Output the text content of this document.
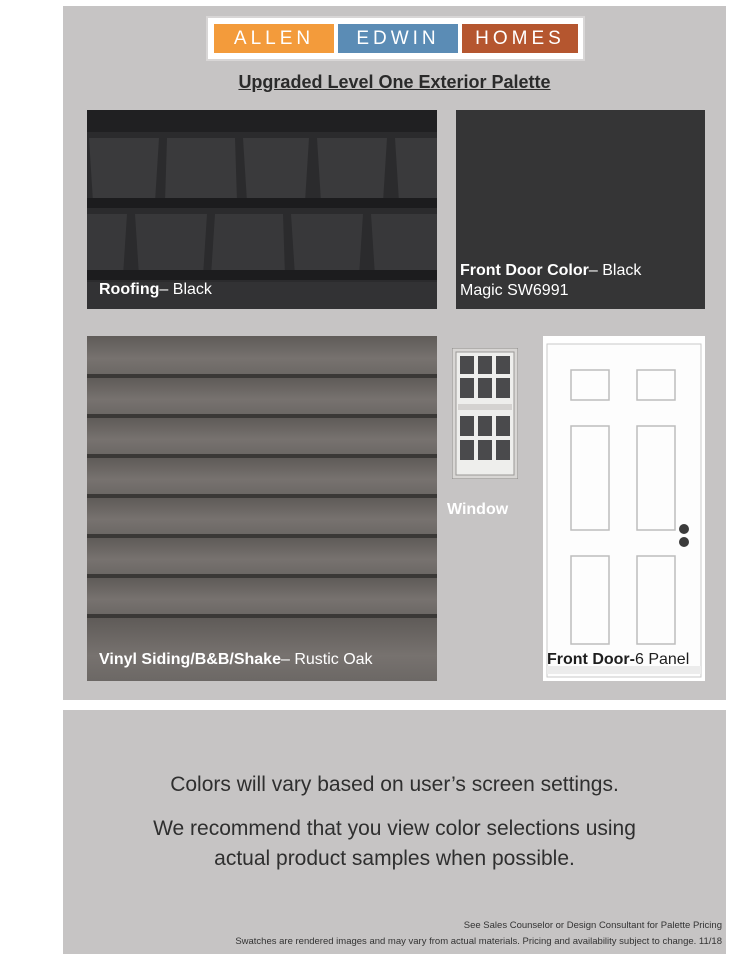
ALLEN	EDWIN	HOMES
Upgraded Level One Exterior Palette
Roofing– Black
Front Door Color– Black
Magic SW6991
Vinyl Siding/B&B/Shake– Rustic Oak
Window
Front Door-6 Panel
Colors will vary based on user’s screen settings.
We recommend that you view color selections using
actual product samples when possible.
See Sales Counselor or Design Consultant for Palette Pricing
Swatches are rendered images and may vary from actual materials. Pricing and availability subject to change. 11/18
